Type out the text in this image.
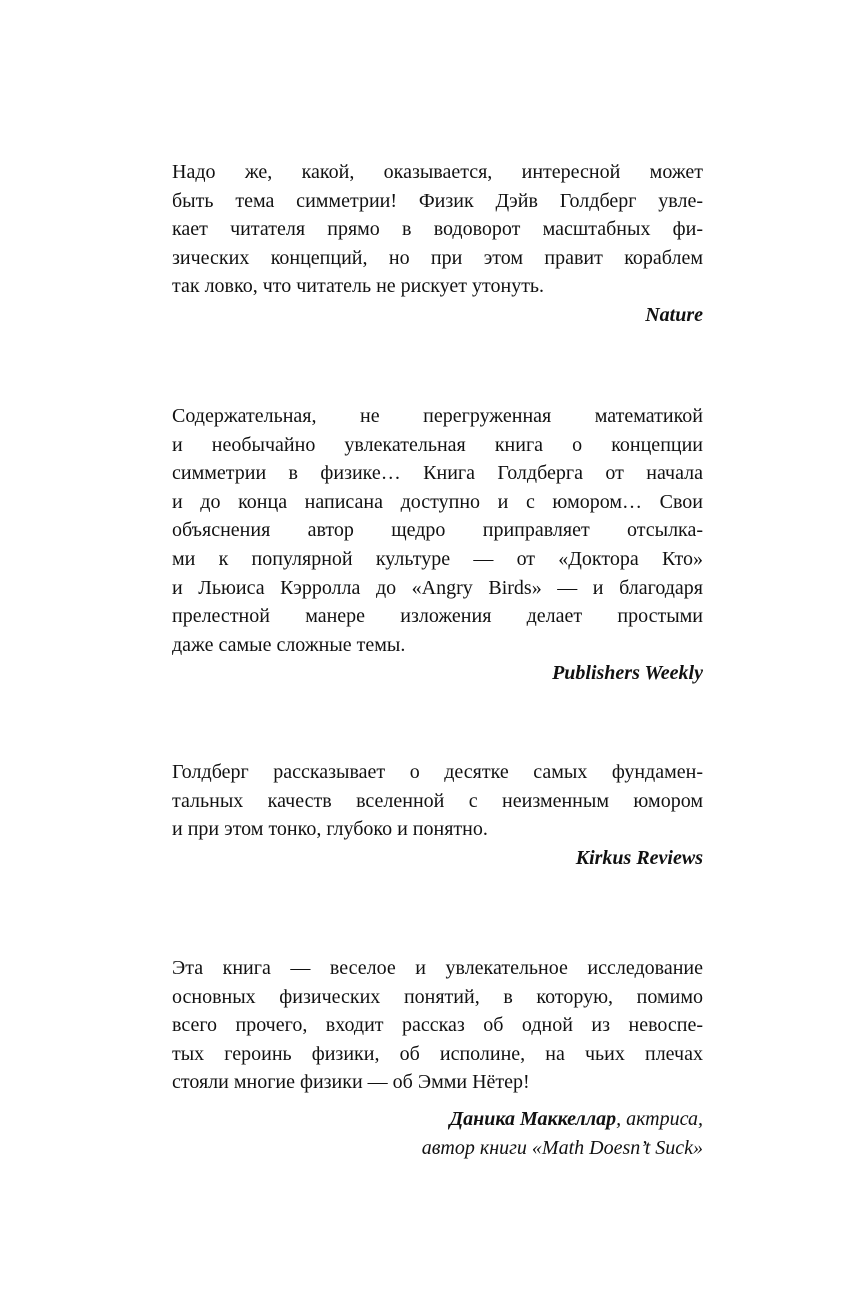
Надо же, какой, оказывается, интересной может
быть тема симметрии! Физик Дэйв Голдберг увле-
кает читателя прямо в водоворот масштабных фи-
зических концепций, но при этом правит кораблем
так ловко, что читатель не рискует утонуть.
Nature
Содержательная, не перегруженная математикой
и необычайно увлекательная книга о концепции
симметрии в физике… Книга Голдберга от начала
и до конца написана доступно и с юмором… Свои
объяснения автор щедро приправляет отсылка-
ми к популярной культуре — от «Доктора Кто»
и Льюиса Кэрролла до «Angry Birds» — и благодаря
прелестной манере изложения делает простыми
даже самые сложные темы.
Publishers Weekly
Голдберг рассказывает о десятке самых фундамен-
тальных качеств вселенной с неизменным юмором
и при этом тонко, глубоко и понятно.
Kirkus Reviews
Эта книга — веселое и увлекательное исследование
основных физических понятий, в которую, помимо
всего прочего, входит рассказ об одной из невоспе-
тых героинь физики, об исполине, на чьих плечах
стояли многие физики — об Эмми Нётер!
Даника Маккеллар, актриса,
автор книги «Math Doesn’t Suck»
